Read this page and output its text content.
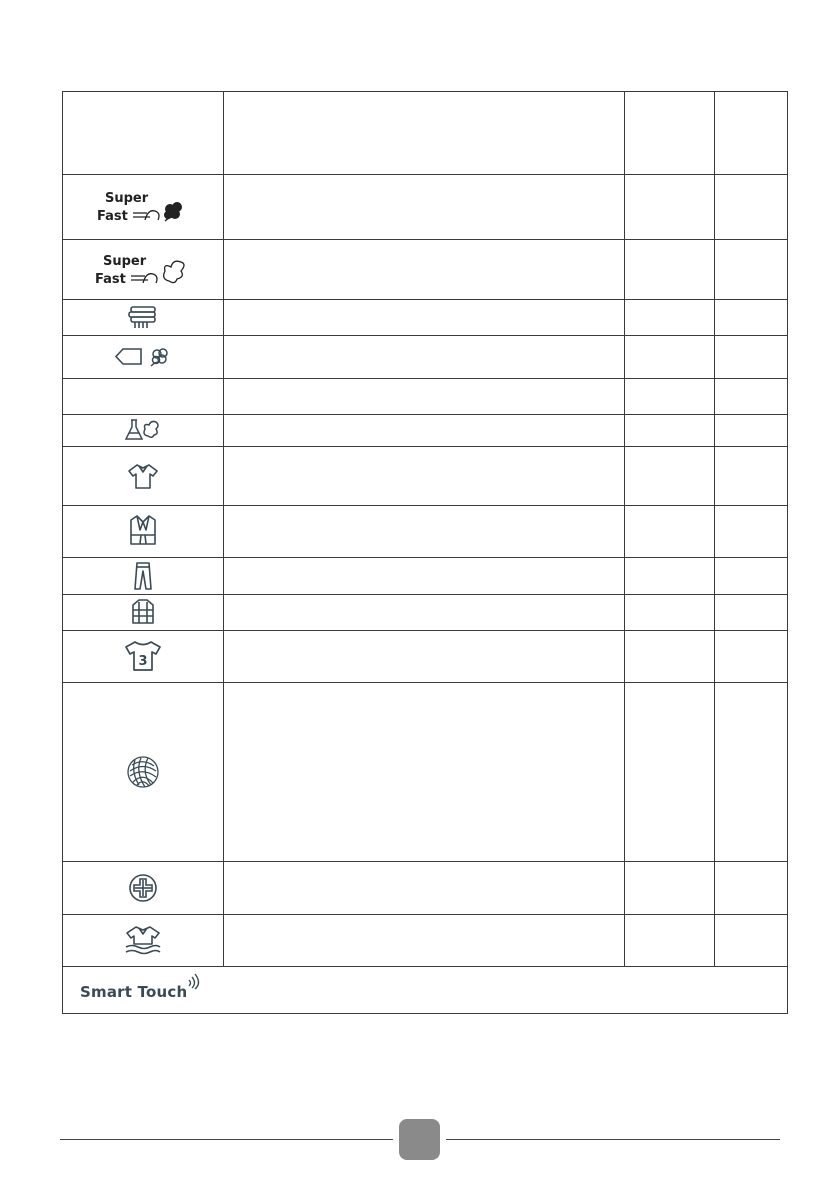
Super
Fast
Super
Fast
3
Smart Touch
